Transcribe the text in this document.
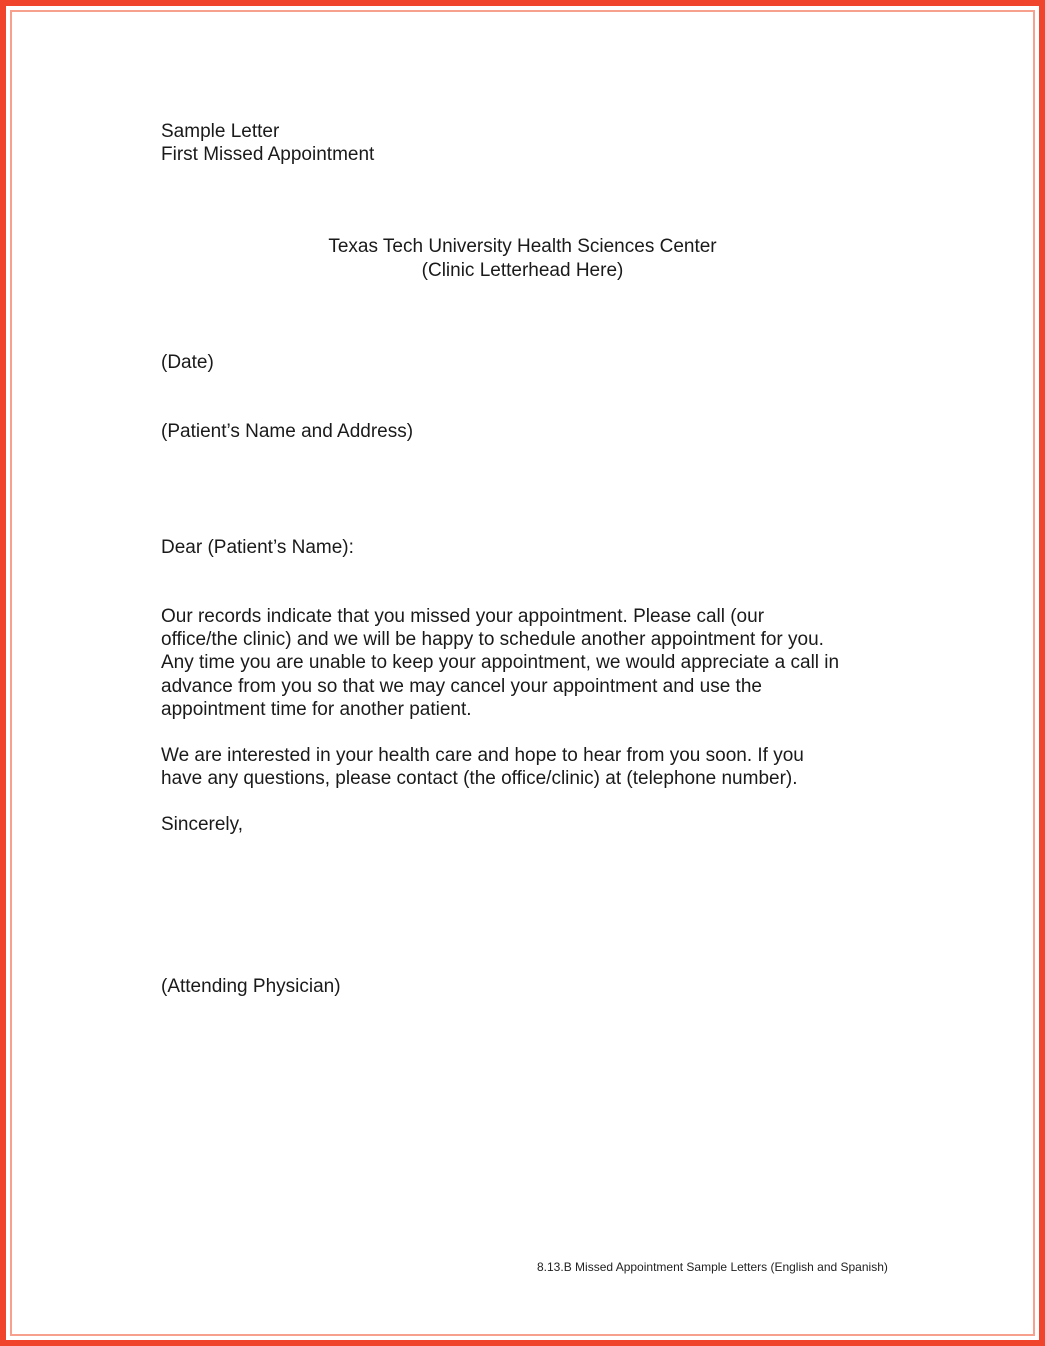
Sample Letter
First Missed Appointment
Texas Tech University Health Sciences Center
(Clinic Letterhead Here)
(Date)
(Patient’s Name and Address)
Dear (Patient’s Name):
Our records indicate that you missed your appointment. Please call (our
office/the clinic) and we will be happy to schedule another appointment for you.
Any time you are unable to keep your appointment, we would appreciate a call in
advance from you so that we may cancel your appointment and use the
appointment time for another patient.
We are interested in your health care and hope to hear from you soon. If you
have any questions, please contact (the office/clinic) at (telephone number).
Sincerely,
(Attending Physician)
8.13.B Missed Appointment Sample Letters (English and Spanish)
